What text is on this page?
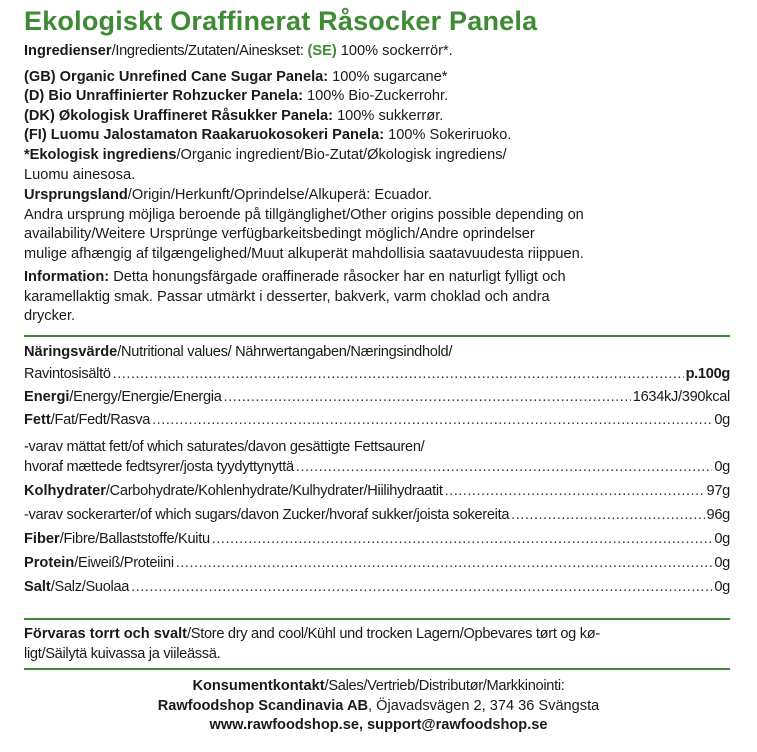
Ekologiskt Oraffinerat Råsocker Panela
Ingredienser/Ingredients/Zutaten/Aineskset: (SE) 100% sockerrör*.
(GB) Organic Unrefined Cane Sugar Panela: 100% sugarcane*
(D) Bio Unraffinierter Rohzucker Panela: 100% Bio-Zuckerrohr.
(DK) Økologisk Uraffineret Råsukker Panela: 100% sukkerrør.
(FI) Luomu Jalostamaton Raakaruokosokeri Panela: 100% Sokeriruoko.
*Ekologisk ingrediens/Organic ingredient/Bio-Zutat/Økologisk ingrediens/
Luomu ainesosa.
Ursprungsland/Origin/Herkunft/Oprindelse/Alkuperä: Ecuador.
Andra ursprung möjliga beroende på tillgänglighet/Other origins possible depending on
availability/Weitere Ursprünge verfügbarkeitsbedingt möglich/Andre oprindelser
mulige afhængig af tilgængelighed/Muut alkuperät mahdollisia saatavuudesta riippuen.
Information: Detta honungsfärgade oraffinerade råsocker har en naturligt fylligt och
karamellaktig smak. Passar utmärkt i desserter, bakverk, varm choklad och andra
drycker.
Näringsvärde/Nutritional values/ Nährwertangaben/Næringsindhold/
Ravintosisältö .....	p.100g
Energi/Energy/Energie/Energia .....	1634kJ/390kcal
Fett/Fat/Fedt/Rasva .....	0g
-varav mättat fett/of which saturates/davon gesättigte Fettsauren/
hvoraf mættede fedtsyrer/josta tyydyttynyttä .....	0g
Kolhydrater/Carbohydrate/Kohlenhydrate/Kulhydrater/Hiilihydraatit .....	97g
-varav sockerarter/of which sugars/davon Zucker/hvoraf sukker/joista sokereita .....	96g
Fiber/Fibre/Ballaststoffe/Kuitu .....	0g
Protein/Eiweiß/Proteiini .....	0g
Salt/Salz/Suolaa .....	0g
Förvaras torrt och svalt/Store dry and cool/Kühl und trocken Lagern/Opbevares tørt og kø-
ligt/Säilytä kuivassa ja viileässä.
Konsumentkontakt/Sales/Vertrieb/Distributør/Markkinointi:
Rawfoodshop Scandinavia AB, Öjavadsvägen 2, 374 36 Svängsta
www.rawfoodshop.se, support@rawfoodshop.se
